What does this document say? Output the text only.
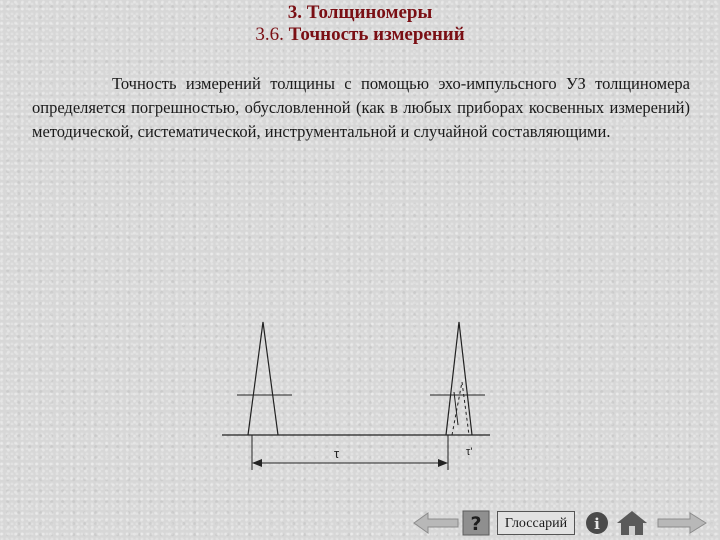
3. Толщиномеры
3.6. Точность измерений
Точность измерений толщины с помощью эхо-импульсного УЗ толщиномера определяется погрешностью, обусловленной (как в любых приборах косвенных измерений) методической, систематической, инструментальной и случайной составляющими.
τ	τ'
?	Глоссарий	i
